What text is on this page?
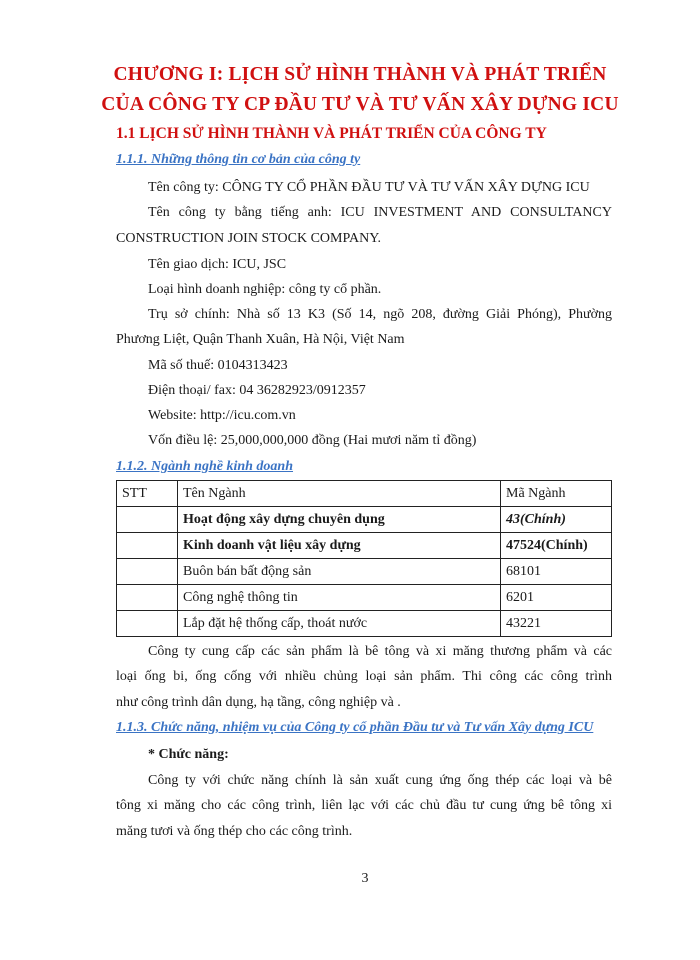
CHƯƠNG I: LỊCH SỬ HÌNH THÀNH VÀ PHÁT TRIỂN
CỦA CÔNG TY CP ĐẦU TƯ VÀ TƯ VẤN XÂY DỰNG ICU
1.1 LỊCH SỬ HÌNH THÀNH VÀ PHÁT TRIỂN CỦA CÔNG TY
1.1.1. Những thông tin cơ bản của công ty
Tên công ty: CÔNG TY CỔ PHẦN ĐẦU TƯ VÀ TƯ VẤN XÂY DỰNG ICU
Tên công ty bằng tiếng anh: ICU INVESTMENT AND CONSULTANCY
CONSTRUCTION JOIN STOCK COMPANY.
Tên giao dịch: ICU, JSC
Loại hình doanh nghiệp: công ty cổ phần.
Trụ sở chính: Nhà số 13 K3 (Số 14, ngõ 208, đường Giải Phóng), Phường
Phương Liệt, Quận Thanh Xuân, Hà Nội, Việt Nam
Mã số thuế: 0104313423
Điện thoại/ fax: 04 36282923/0912357
Website: http://icu.com.vn
Vốn điều lệ: 25,000,000,000 đồng (Hai mươi năm tỉ đồng)
1.1.2. Ngành nghề kinh doanh
STT	Tên Ngành	Mã Ngành
	Hoạt động xây dựng chuyên dụng	43(Chính)
	Kinh doanh vật liệu xây dựng	47524(Chính)
	Buôn bán bất động sản	68101
	Công nghệ thông tin	6201
	Lắp đặt hệ thống cấp, thoát nước	43221
Công ty cung cấp các sản phẩm là bê tông và xi măng thương phẩm và các
loại ống bi, ống cống với nhiều chủng loại sản phẩm. Thi công các công trình
như công trình dân dụng, hạ tầng, công nghiệp và .
1.1.3. Chức năng, nhiệm vụ của Công ty cổ phần Đầu tư và Tư vấn Xây dựng ICU
* Chức năng:
Công ty với chức năng chính là sản xuất cung ứng ống thép các loại và bê
tông xi măng cho các công trình, liên lạc với các chủ đầu tư cung ứng bê tông xi
măng tươi và ống thép cho các công trình.
3
